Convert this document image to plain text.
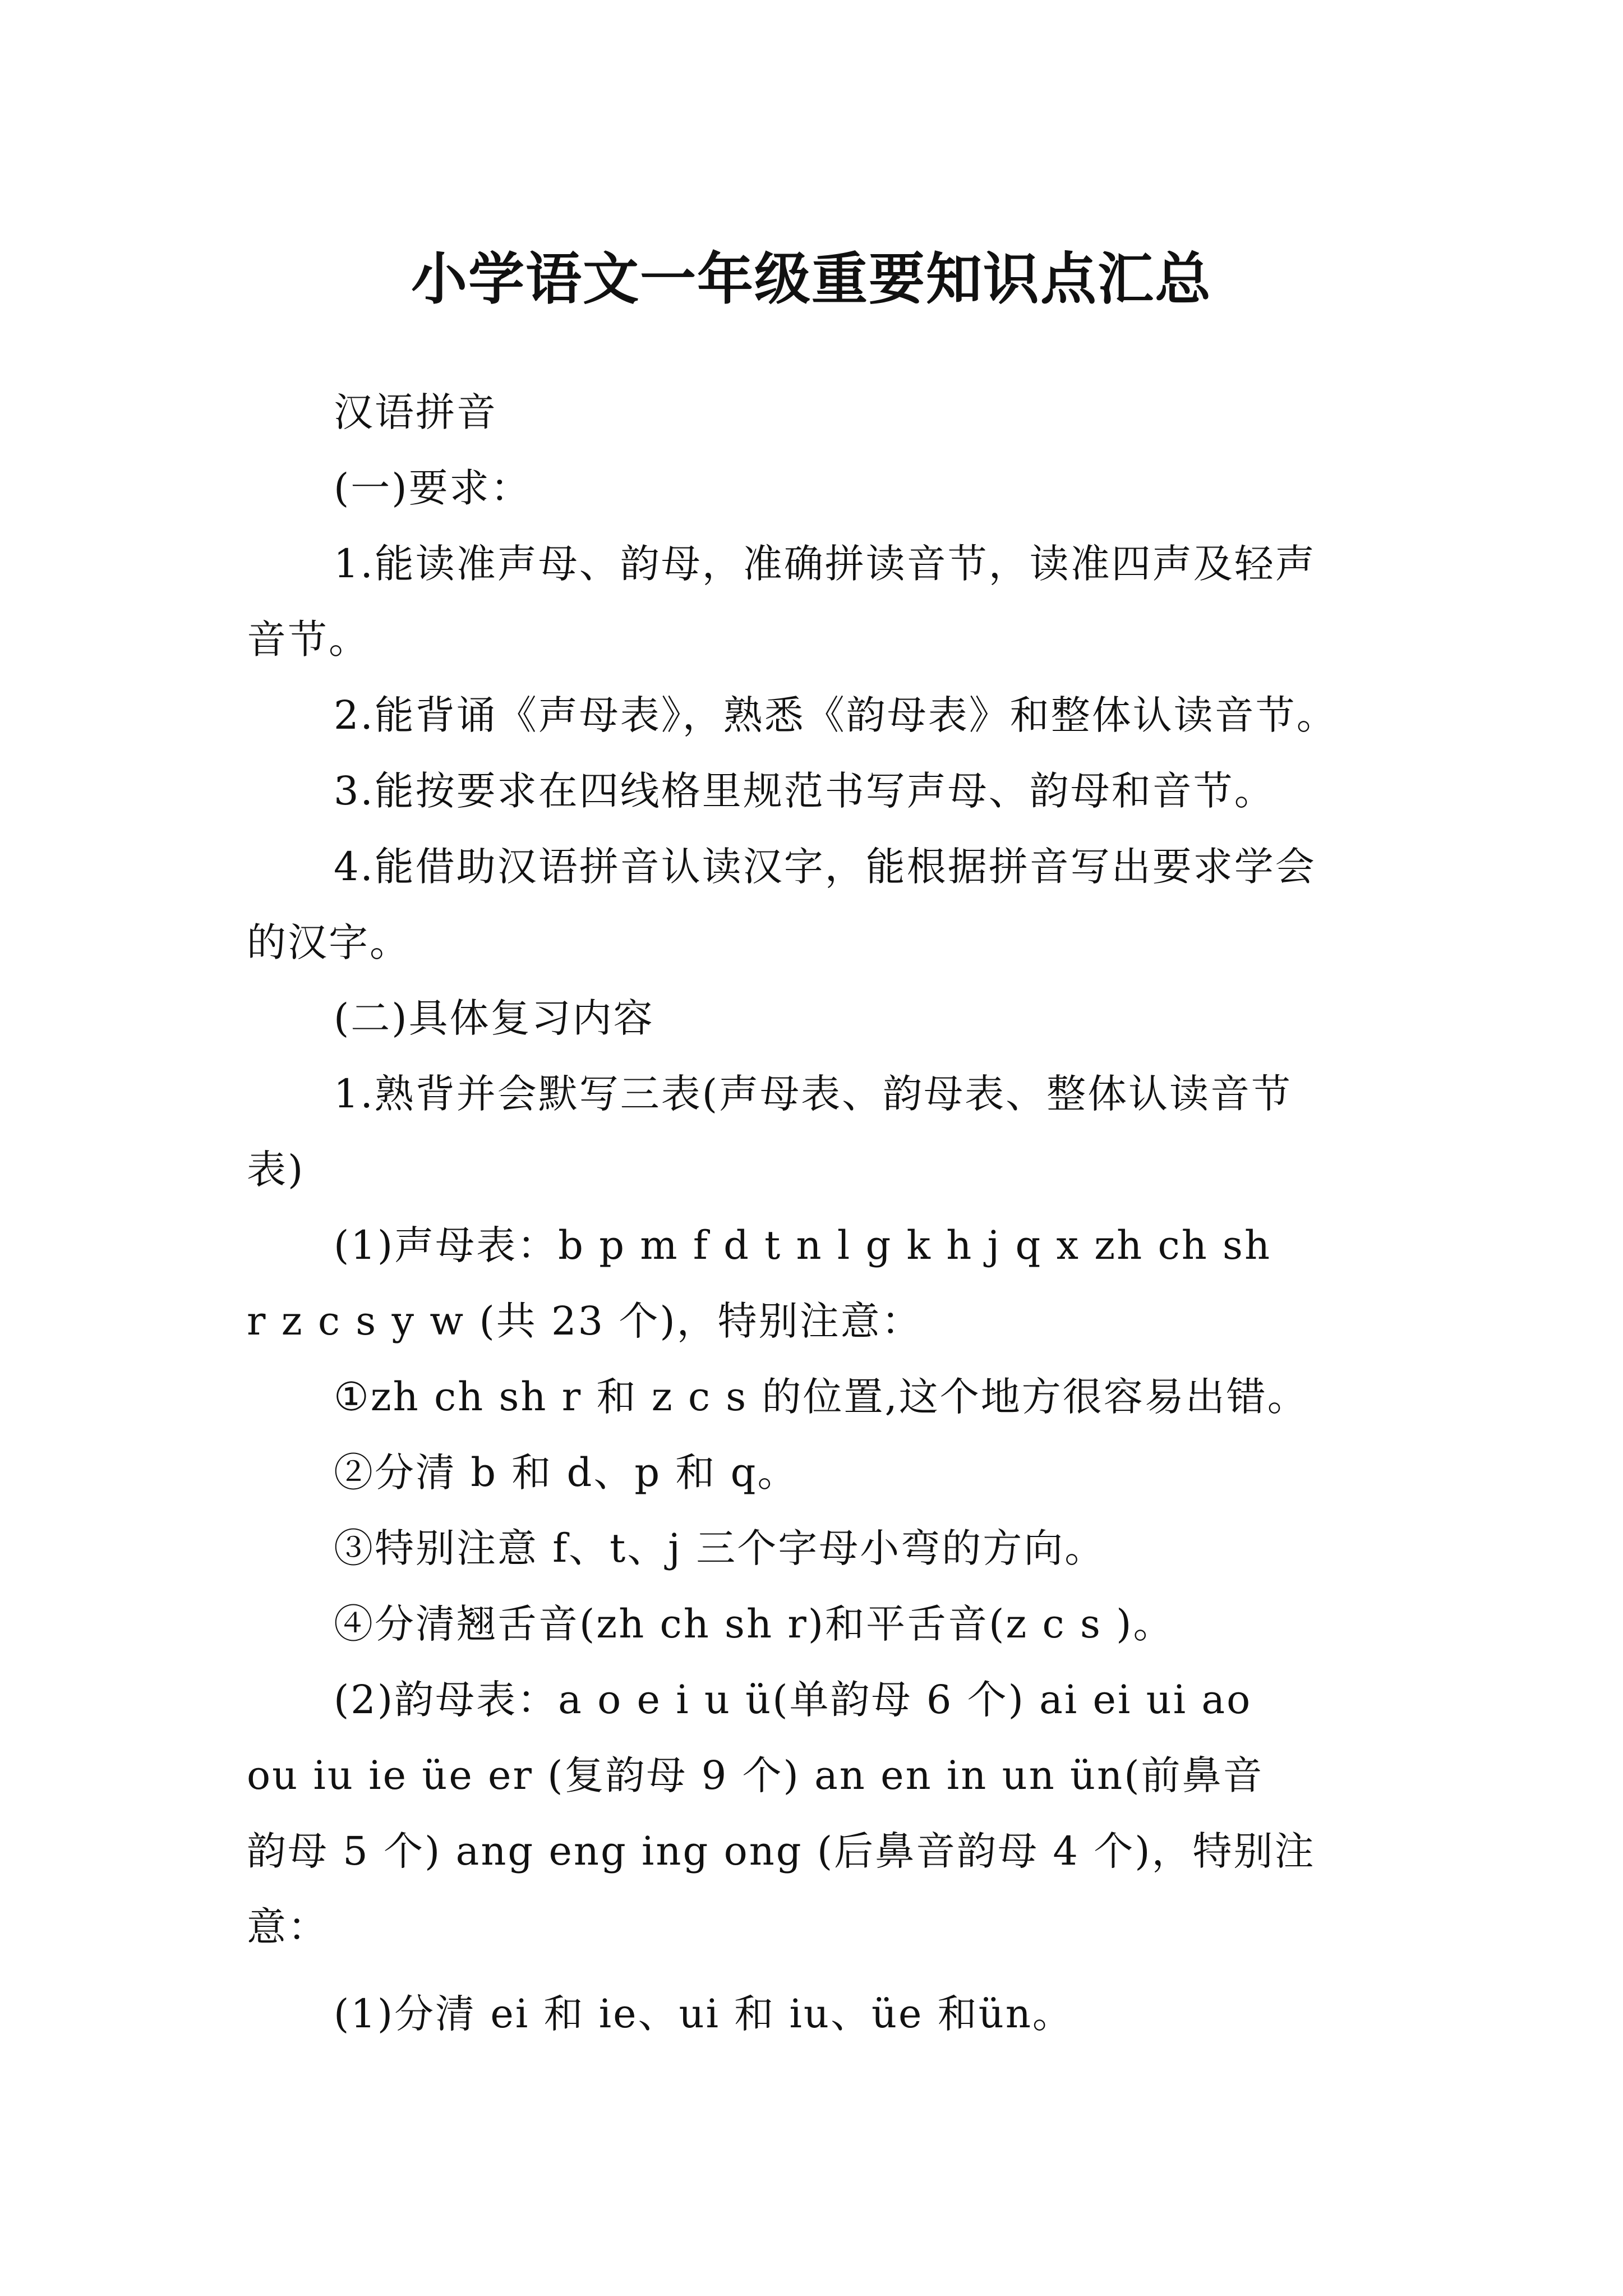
小学语文一年级重要知识点汇总
汉语拼音
(一)要求：
1.能读准声母、韵母，准确拼读音节，读准四声及轻声
音节。
2.能背诵《声母表》，熟悉《韵母表》和整体认读音节。
3.能按要求在四线格里规范书写声母、韵母和音节。
4.能借助汉语拼音认读汉字，能根据拼音写出要求学会
的汉字。
(二)具体复习内容
1.熟背并会默写三表(声母表、韵母表、整体认读音节
表)
(1)声母表：b p m f d t n l g k h j q x zh ch sh
r z c s y w (共 23 个)，特别注意：
①zh ch sh r 和 z c s 的位置,这个地方很容易出错。
②分清 b 和 d、p 和 q。
③特别注意 f、t、j 三个字母小弯的方向。
④分清翘舌音(zh ch sh r)和平舌音(z c s )。
(2)韵母表：a o e i u ü(单韵母 6 个) ai ei ui ao
ou iu ie üe er (复韵母 9 个) an en in un ün(前鼻音
韵母 5 个) ang eng ing ong (后鼻音韵母 4 个)，特别注
意：
(1)分清 ei 和 ie、ui 和 iu、üe 和ün。
